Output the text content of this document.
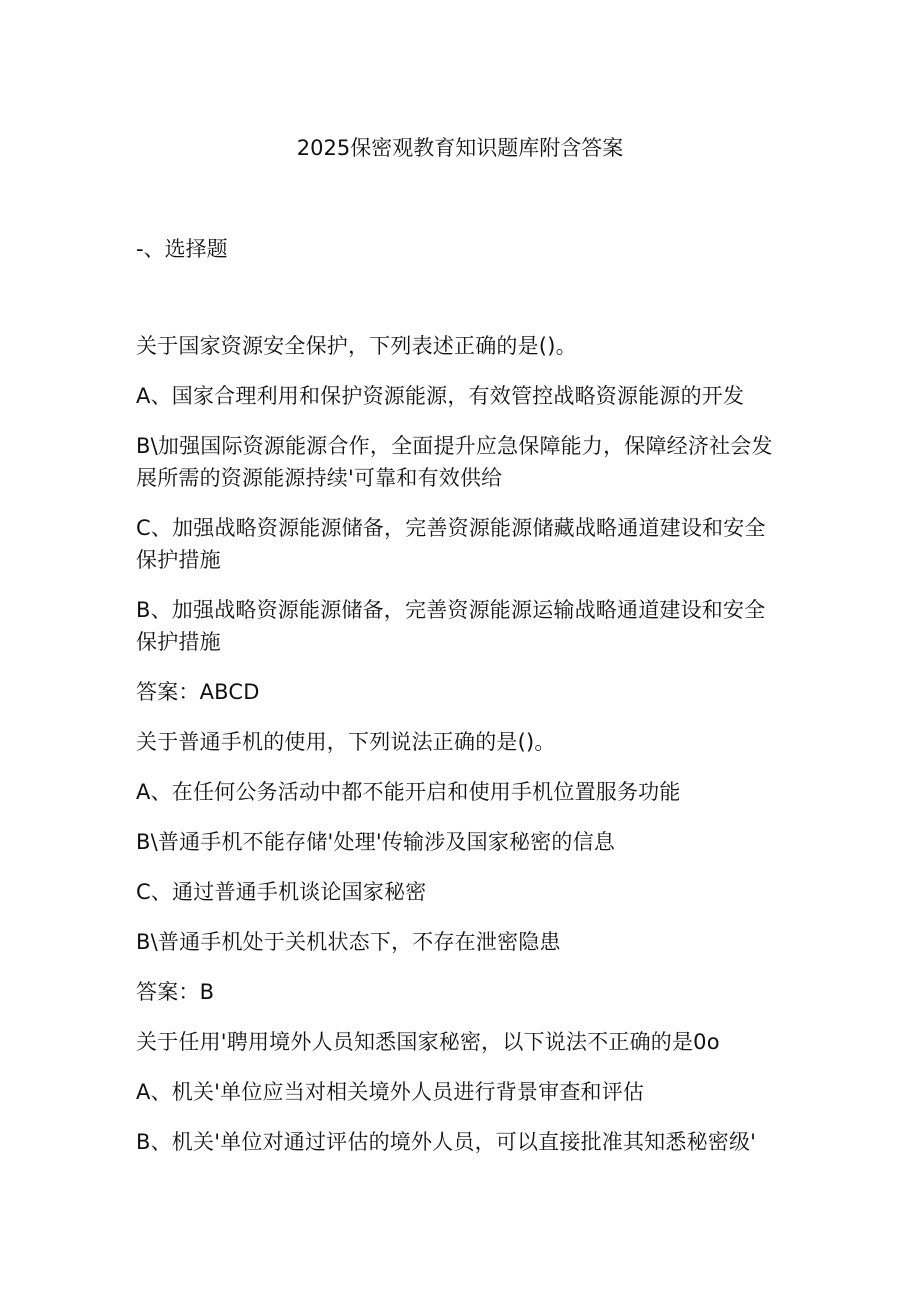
2025保密观教育知识题库附含答案
-、选择题

关于国家资源安全保护，下列表述正确的是()。

A、国家合理利用和保护资源能源，有效管控战略资源能源的开发

B\加强国际资源能源合作，全面提升应急保障能力，保障经济社会发展所需的资源能源持续'可靠和有效供给

C、加强战略资源能源储备，完善资源能源储藏战略通道建设和安全保护措施

B、加强战略资源能源储备，完善资源能源运输战略通道建设和安全保护措施

答案：ABCD

关于普通手机的使用，下列说法正确的是()。

A、在任何公务活动中都不能开启和使用手机位置服务功能

B\普通手机不能存储'处理'传输涉及国家秘密的信息

C、通过普通手机谈论国家秘密

B\普通手机处于关机状态下，不存在泄密隐患

答案：B

关于任用'聘用境外人员知悉国家秘密，以下说法不正确的是0o

A、机关'单位应当对相关境外人员进行背景审查和评估

B、机关'单位对通过评估的境外人员，可以直接批准其知悉秘密级'
